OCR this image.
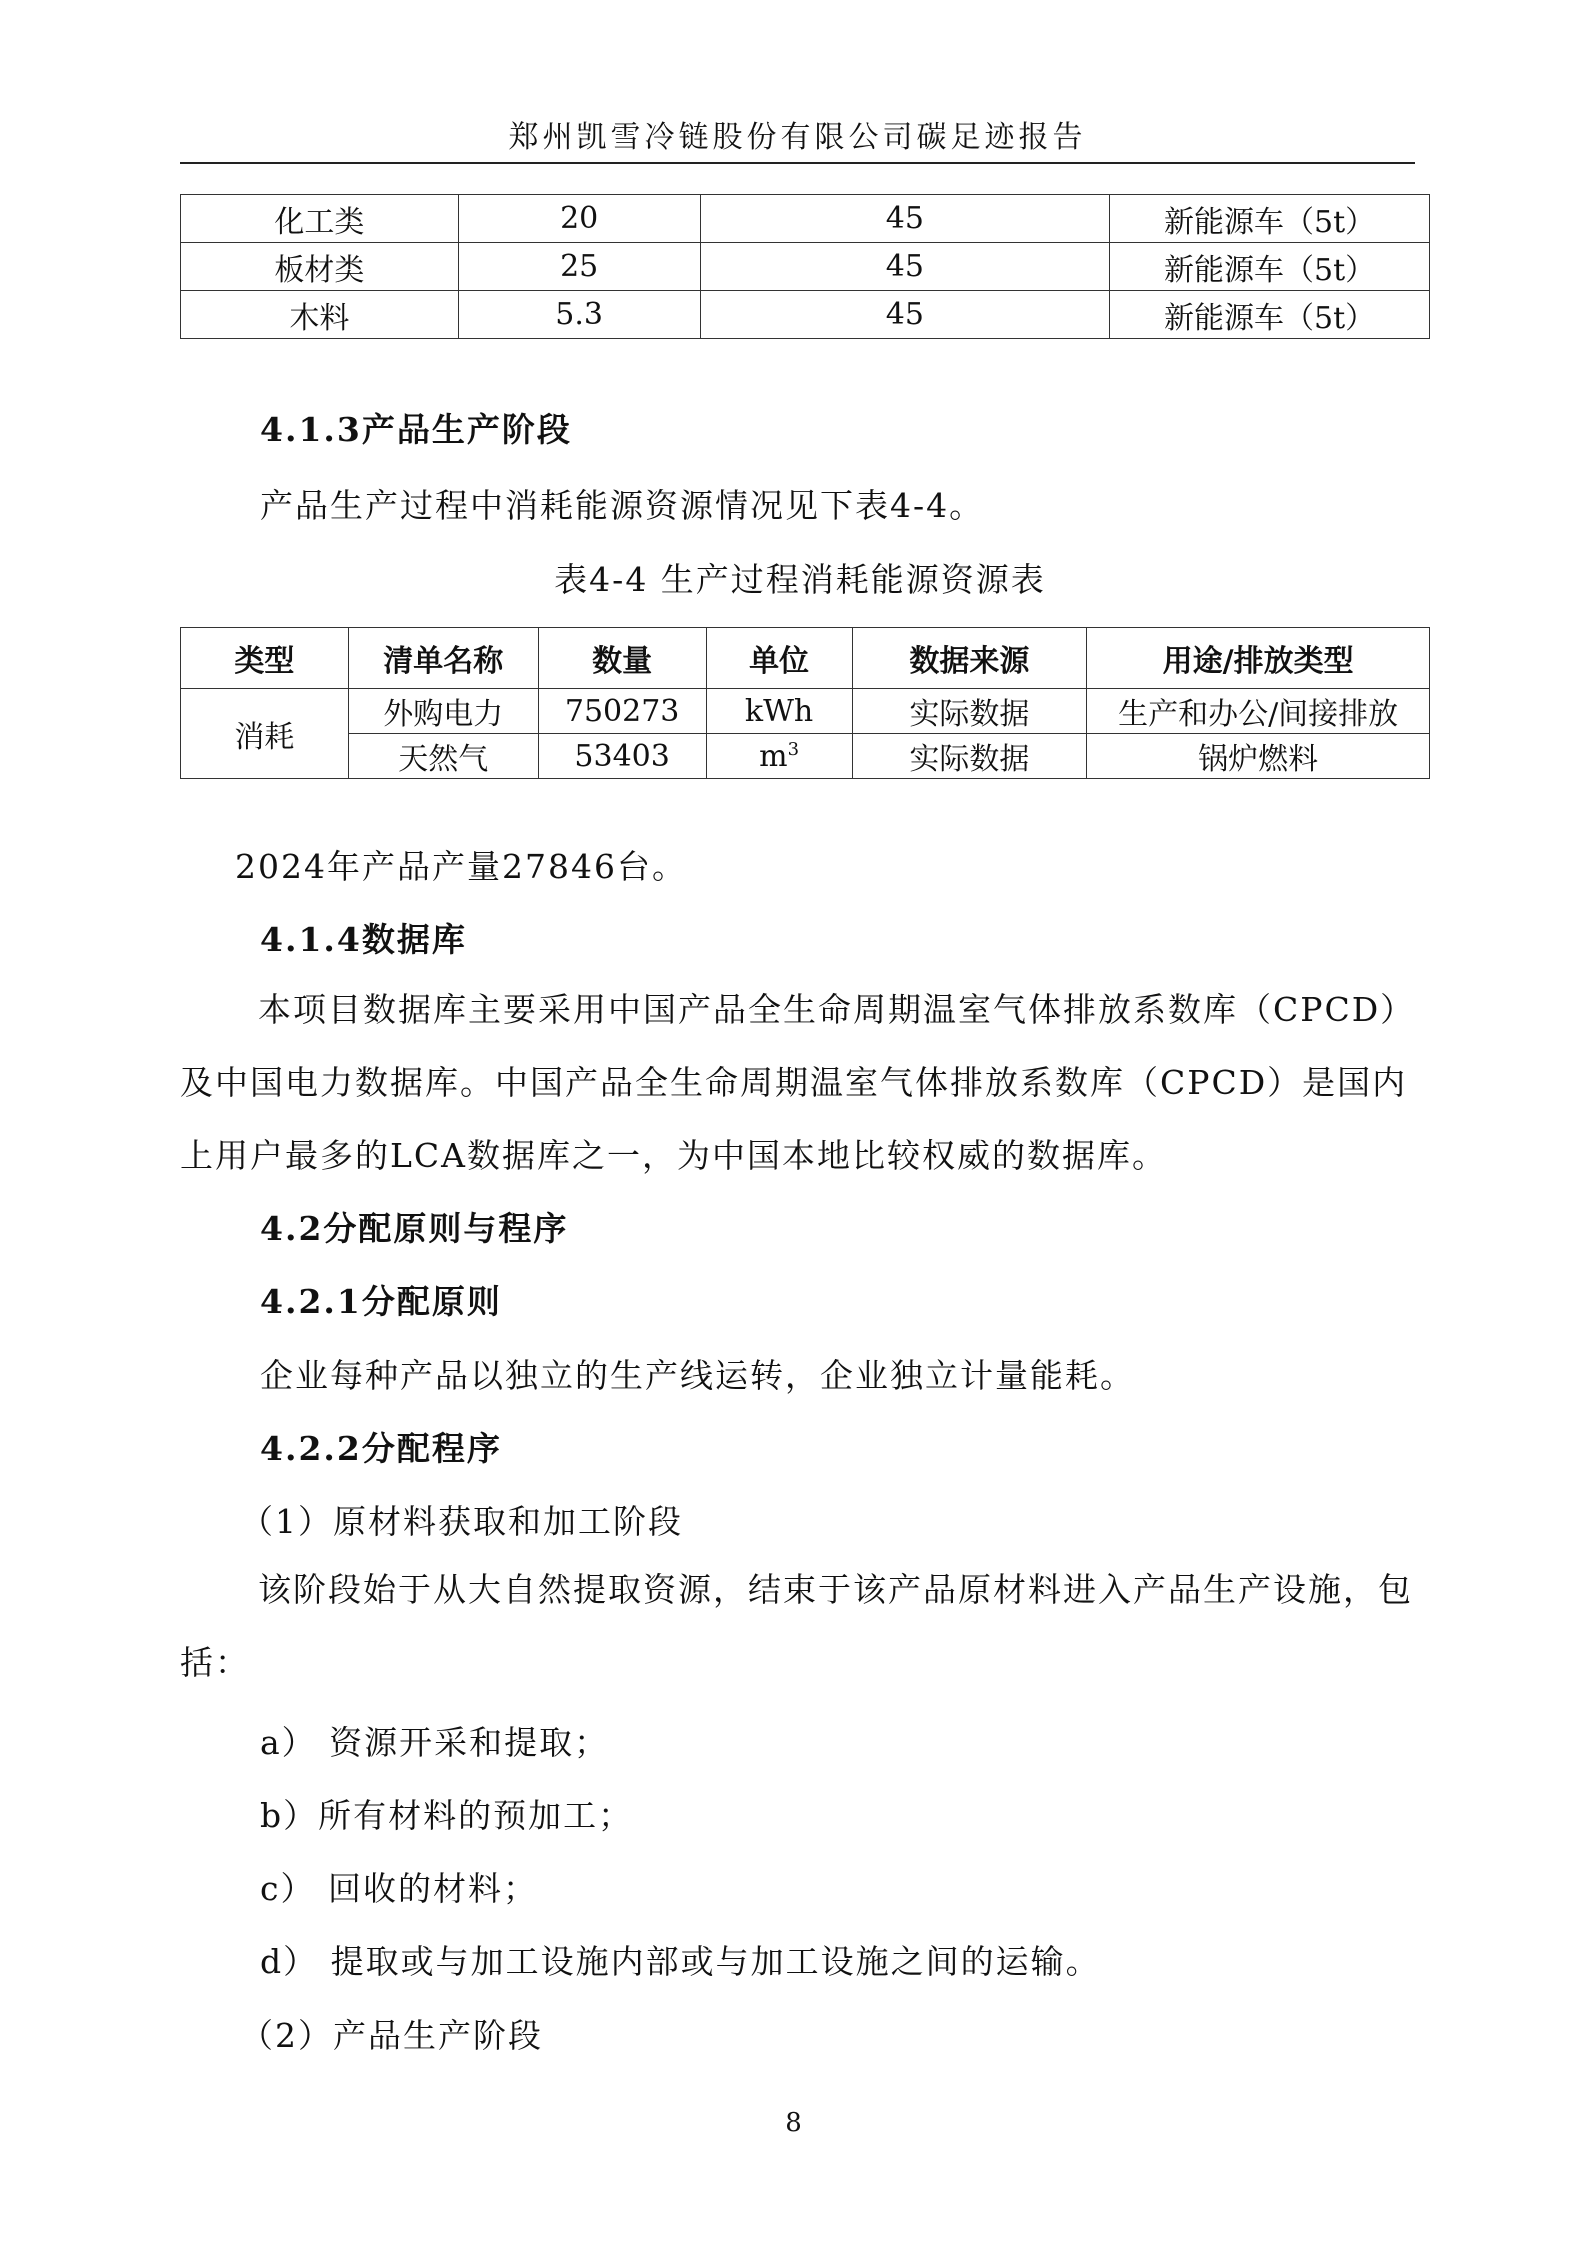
郑州凯雪冷链股份有限公司碳足迹报告
化工类	20	45	新能源车（5t）
板材类	25	45	新能源车（5t）
木料	5.3	45	新能源车（5t）
4.1.3产品生产阶段
产品生产过程中消耗能源资源情况见下表4-4。
表4-4 生产过程消耗能源资源表
类型	清单名称	数量	单位	数据来源	用途/排放类型
消耗	外购电力	750273	kWh	实际数据	生产和办公/间接排放
	天然气	53403	$m^3$	实际数据	锅炉燃料
2024年产品产量27846台。
4.1.4数据库
本项目数据库主要采用中国产品全生命周期温室气体排放系数库（CPCD）及中国电力数据库。中国产品全生命周期温室气体排放系数库（CPCD）是国内上用户最多的LCA数据库之一，为中国本地比较权威的数据库。
4.2分配原则与程序
4.2.1分配原则
企业每种产品以独立的生产线运转，企业独立计量能耗。
4.2.2分配程序
（1）原材料获取和加工阶段
该阶段始于从大自然提取资源，结束于该产品原材料进入产品生产设施，包括：
a） 资源开采和提取；
b）所有材料的预加工；
c） 回收的材料；
d） 提取或与加工设施内部或与加工设施之间的运输。
（2）产品生产阶段
8
